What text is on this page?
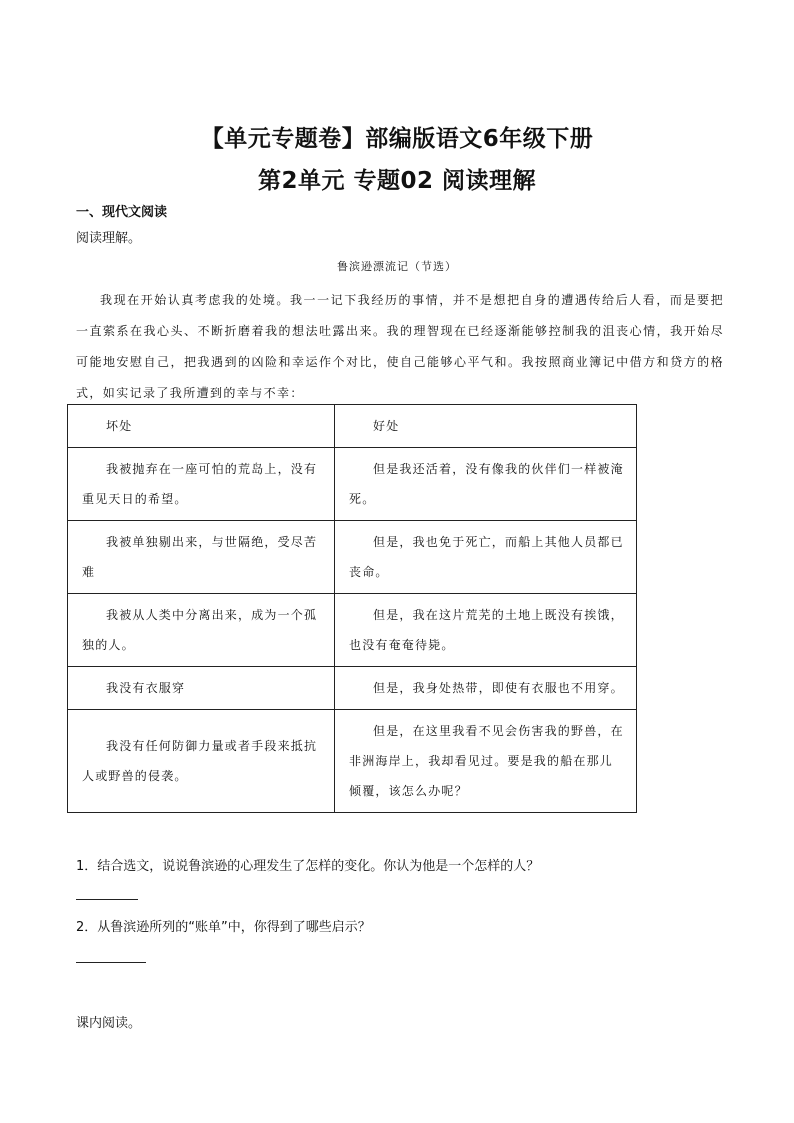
【单元专题卷】部编版语文6年级下册
第2单元 专题02 阅读理解
一、现代文阅读
阅读理解。
鲁滨逊漂流记（节选）
我现在开始认真考虑我的处境。我一一记下我经历的事情，并不是想把自身的遭遇传给后人看，而是要把一直萦系在我心头、不断折磨着我的想法吐露出来。我的理智现在已经逐渐能够控制我的沮丧心情，我开始尽可能地安慰自己，把我遇到的凶险和幸运作个对比，使自己能够心平气和。我按照商业簿记中借方和贷方的格式，如实记录了我所遭到的幸与不幸：
坏处	好处

我被抛弃在一座可怕的荒岛上，没有重见天日的希望。	但是我还活着，没有像我的伙伴们一样被淹死。

我被单独剔出来，与世隔绝，受尽苦难	但是，我也免于死亡，而船上其他人员都已丧命。

我被从人类中分离出来，成为一个孤独的人。	但是，我在这片荒芜的土地上既没有挨饿，也没有奄奄待毙。

我没有衣服穿	但是，我身处热带，即使有衣服也不用穿。

我没有任何防御力量或者手段来抵抗人或野兽的侵袭。	但是，在这里我看不见会伤害我的野兽，在非洲海岸上，我却看见过。要是我的船在那儿倾覆，该怎么办呢？
1．结合选文，说说鲁滨逊的心理发生了怎样的变化。你认为他是一个怎样的人？
2．从鲁滨逊所列的“账单”中，你得到了哪些启示？
课内阅读。
